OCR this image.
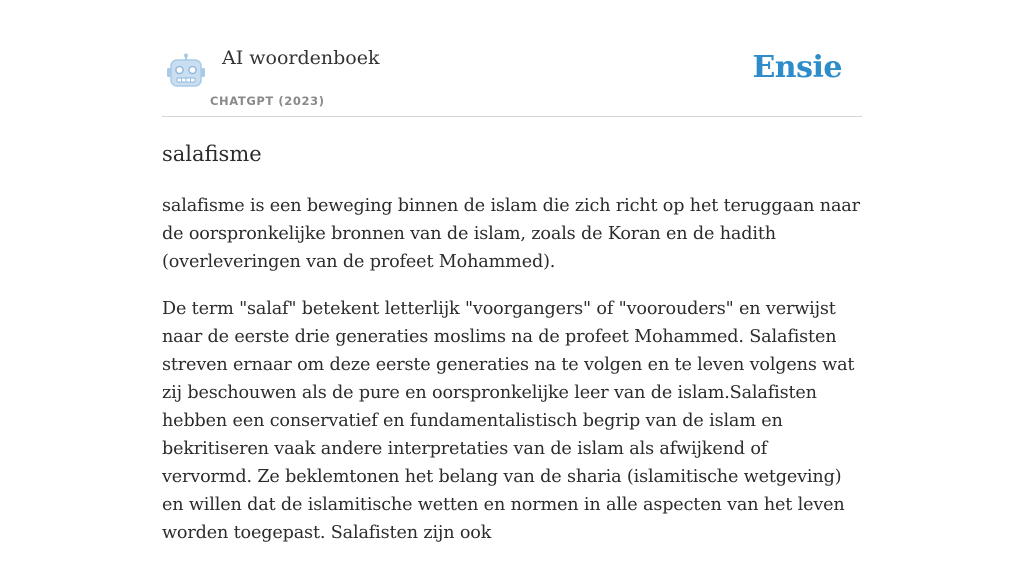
AI woordenboek
CHATGPT (2023)
Ensie
salafisme

salafisme is een beweging binnen de islam die zich richt op het teruggaan naar de oorspronkelijke bronnen van de islam, zoals de Koran en de hadith (overleveringen van de profeet Mohammed).

De term "salaf" betekent letterlijk "voorgangers" of "voorouders" en verwijst naar de eerste drie generaties moslims na de profeet Mohammed. Salafisten streven ernaar om deze eerste generaties na te volgen en te leven volgens wat zij beschouwen als de pure en oorspronkelijke leer van de islam.Salafisten hebben een conservatief en fundamentalistisch begrip van de islam en bekritiseren vaak andere interpretaties van de islam als afwijkend of vervormd. Ze beklemtonen het belang van de sharia (islamitische wetgeving) en willen dat de islamitische wetten en normen in alle aspecten van het leven worden toegepast. Salafisten zijn ook
